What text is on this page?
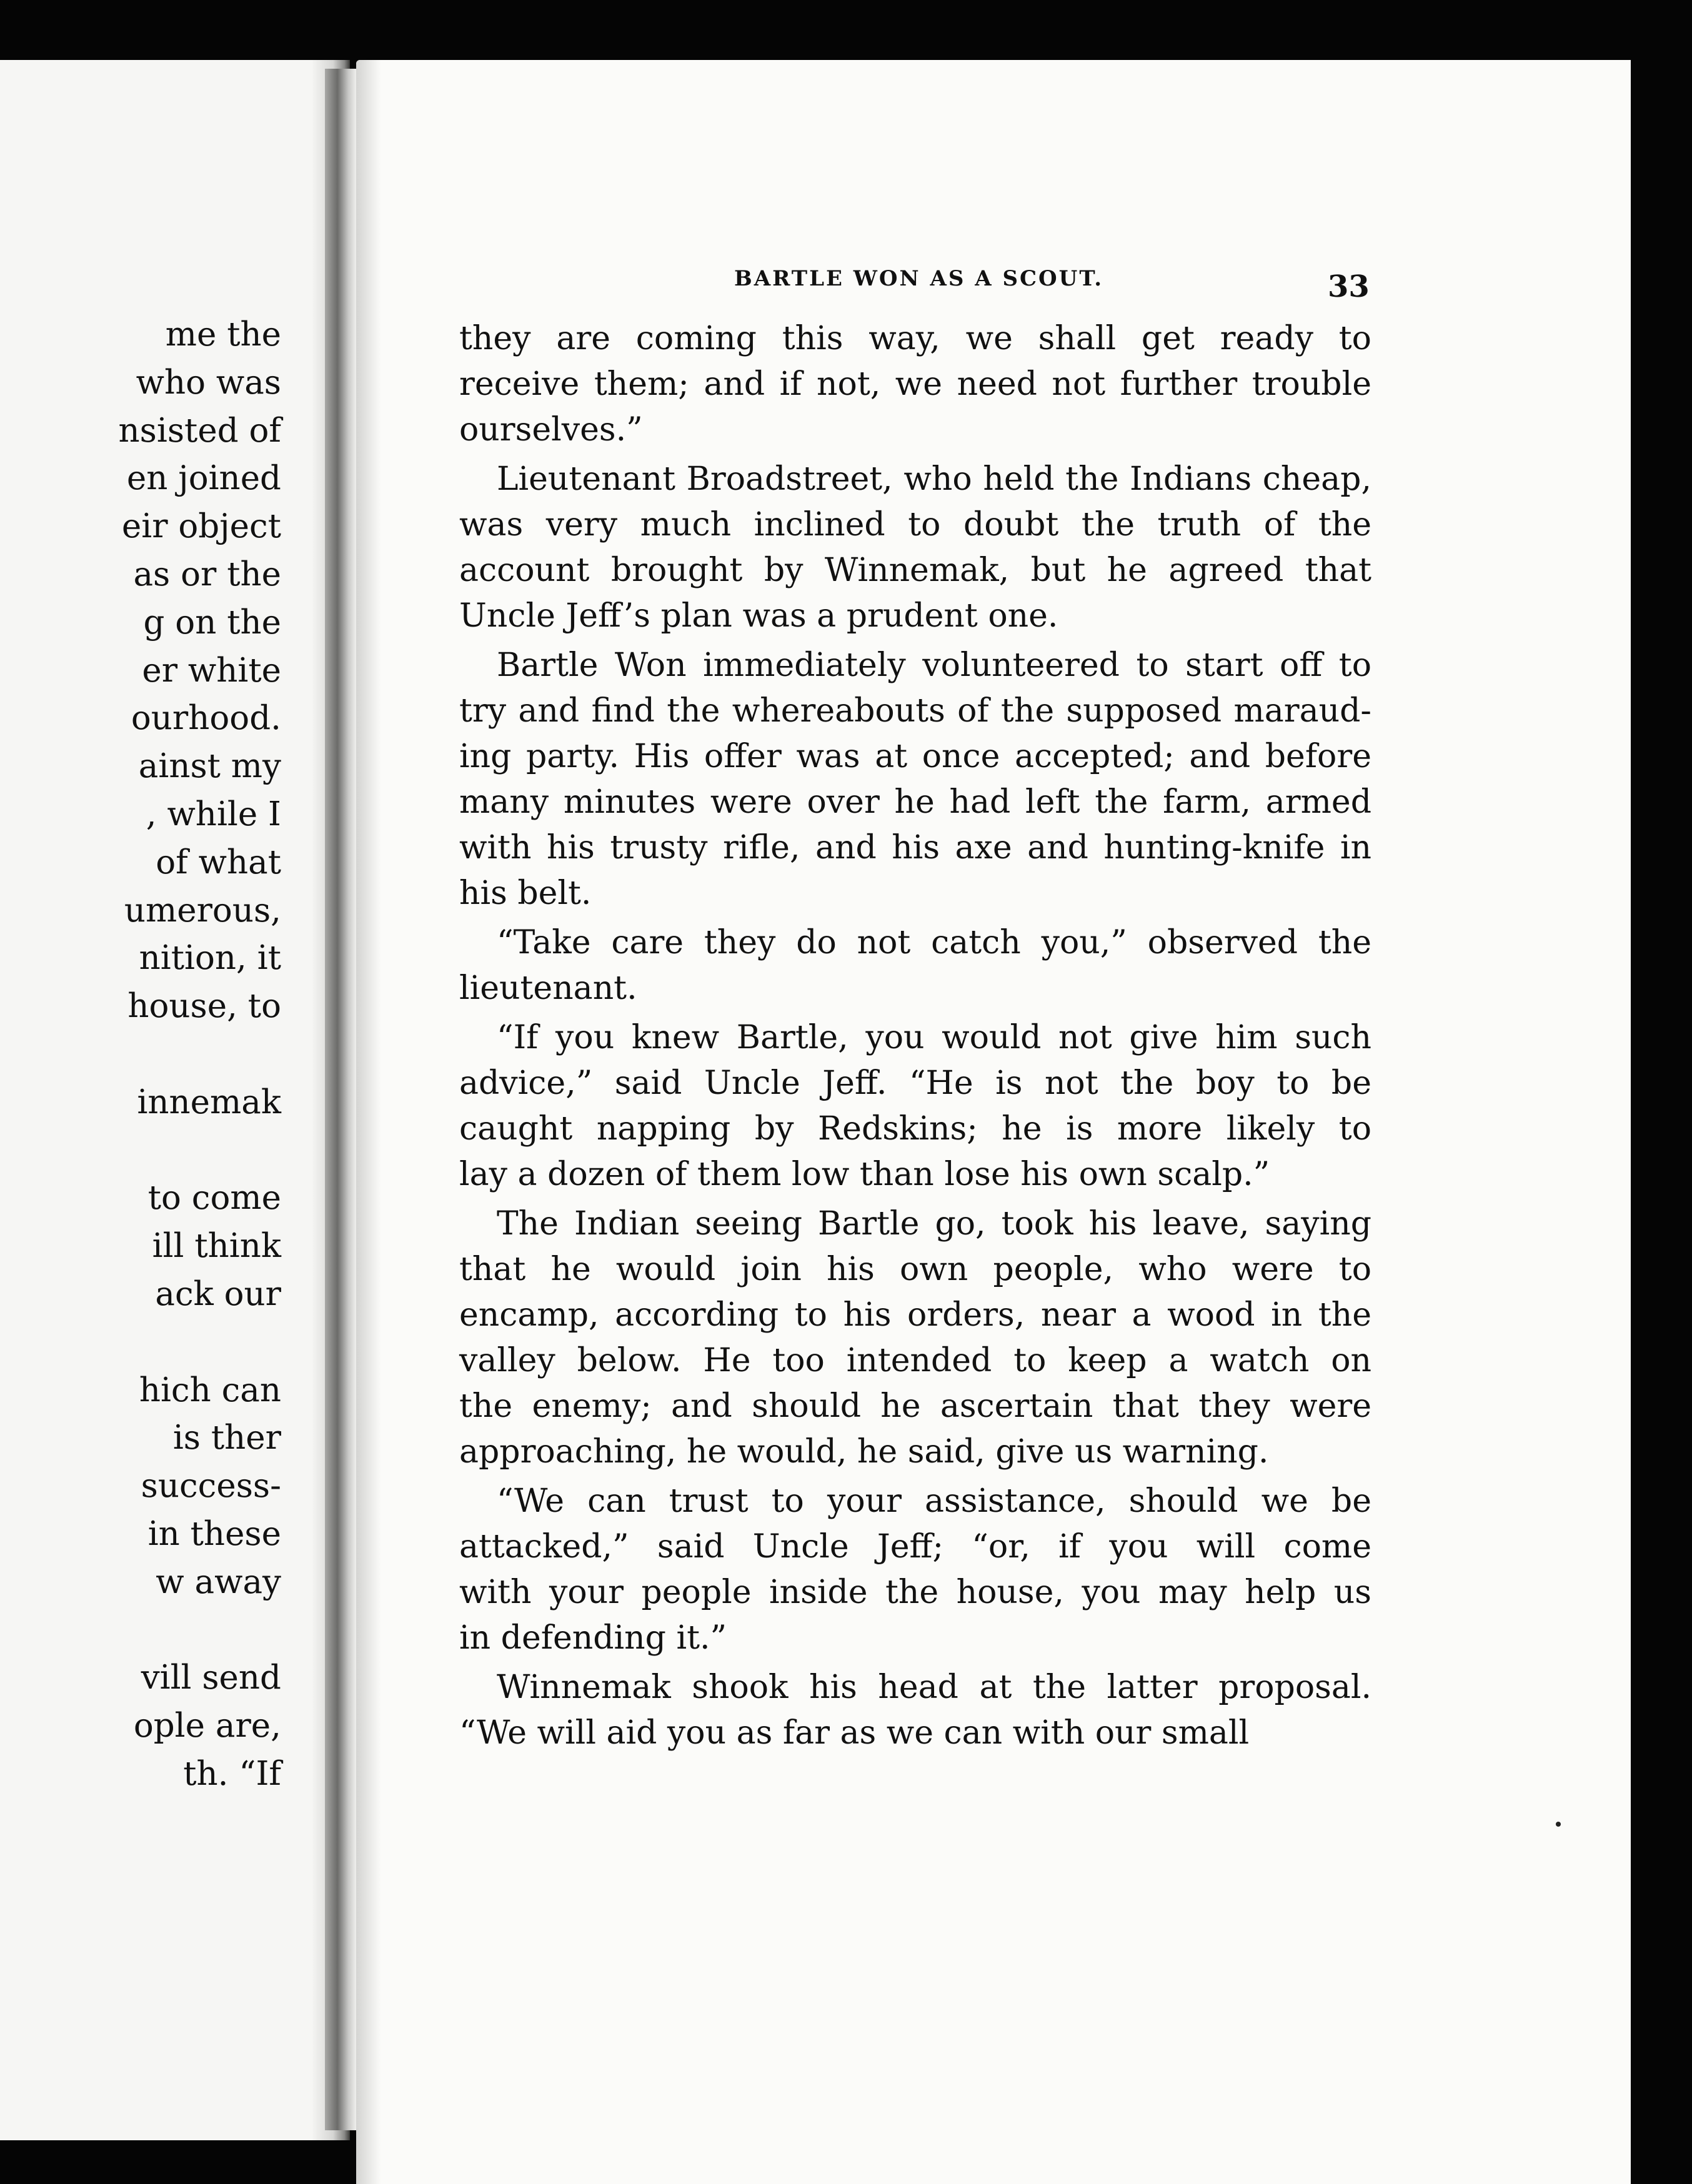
me the
who was
nsisted of
en joined
eir object
as or the
g on the
er white
ourhood.
ainst my
, while I
of what
umerous,
nition, it
house, to
innemak
to come
ill think
ack our
hich can
is ther
success-
in these
w away
vill send
ople are,
th. “If
BARTLE WON AS A SCOUT.	33
they are coming this way, we shall get ready to
receive them; and if not, we need not further trouble
ourselves.”
Lieutenant Broadstreet, who held the Indians cheap,
was very much inclined to doubt the truth of the
account brought by Winnemak, but he agreed that
Uncle Jeff’s plan was a prudent one.
Bartle Won immediately volunteered to start off to
try and find the whereabouts of the supposed maraud-
ing party. His offer was at once accepted; and before
many minutes were over he had left the farm, armed
with his trusty rifle, and his axe and hunting-knife in
his belt.
“Take care they do not catch you,” observed the
lieutenant.
“If you knew Bartle, you would not give him such
advice,” said Uncle Jeff. “He is not the boy to be
caught napping by Redskins; he is more likely to
lay a dozen of them low than lose his own scalp.”
The Indian seeing Bartle go, took his leave, saying
that he would join his own people, who were to
encamp, according to his orders, near a wood in the
valley below. He too intended to keep a watch on
the enemy; and should he ascertain that they were
approaching, he would, he said, give us warning.
“We can trust to your assistance, should we be
attacked,” said Uncle Jeff; “or, if you will come
with your people inside the house, you may help us
in defending it.”
Winnemak shook his head at the latter proposal.
“We will aid you as far as we can with our small
